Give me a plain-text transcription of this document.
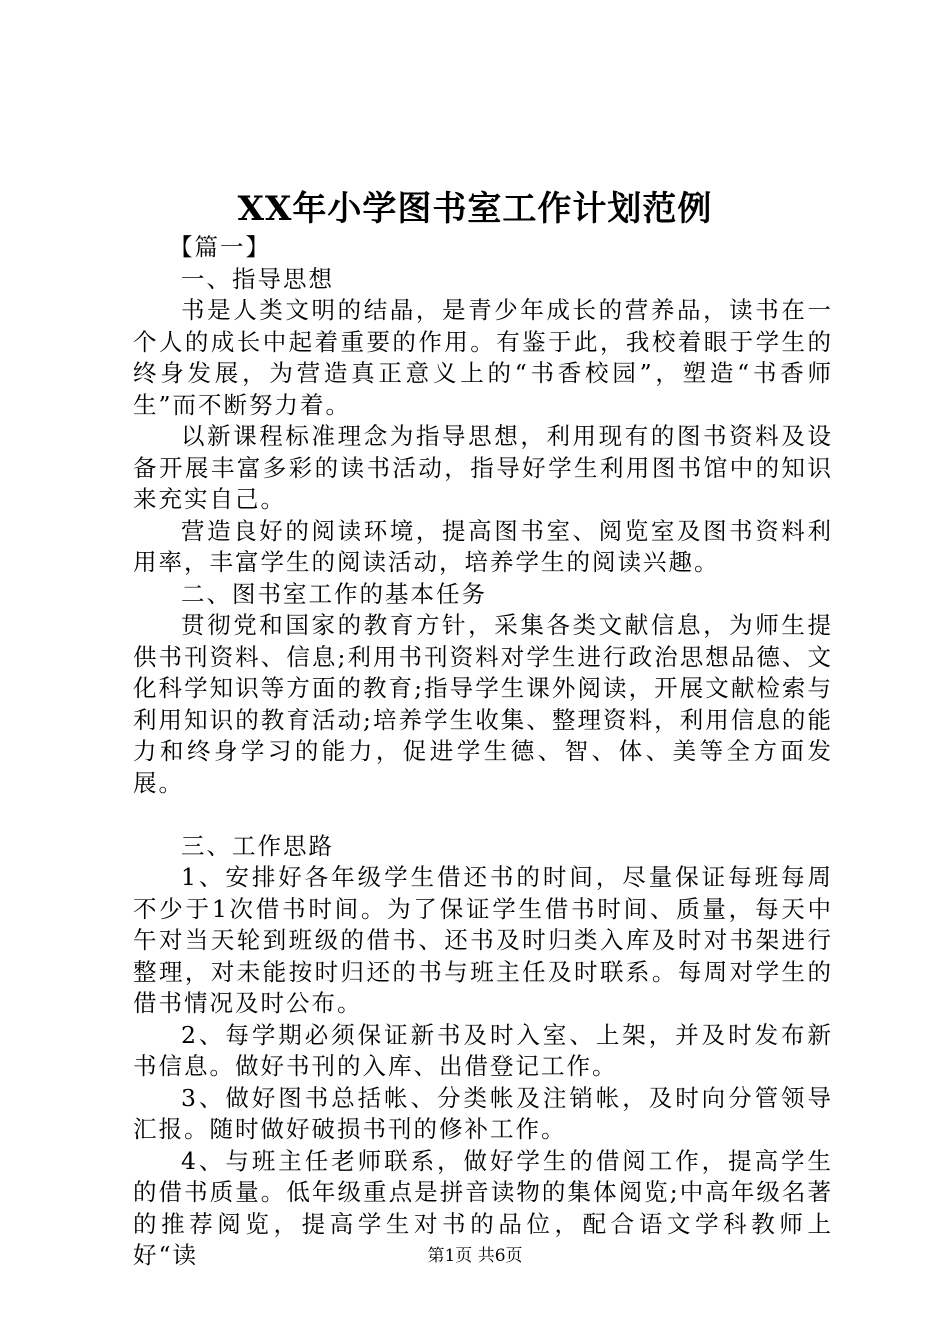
XX年小学图书室工作计划范例

【篇一】

一、指导思想

书是人类文明的结晶，是青少年成长的营养品，读书在一个人的成长中起着重要的作用。有鉴于此，我校着眼于学生的终身发展，为营造真正意义上的“书香校园”，塑造“书香师生”而不断努力着。

以新课程标准理念为指导思想，利用现有的图书资料及设备开展丰富多彩的读书活动，指导好学生利用图书馆中的知识来充实自己。

营造良好的阅读环境，提高图书室、阅览室及图书资料利用率，丰富学生的阅读活动，培养学生的阅读兴趣。

二、图书室工作的基本任务

贯彻党和国家的教育方针，采集各类文献信息，为师生提供书刊资料、信息;利用书刊资料对学生进行政治思想品德、文化科学知识等方面的教育;指导学生课外阅读，开展文献检索与利用知识的教育活动;培养学生收集、整理资料，利用信息的能力和终身学习的能力，促进学生德、智、体、美等全方面发展。

三、工作思路

1、安排好各年级学生借还书的时间，尽量保证每班每周不少于1次借书时间。为了保证学生借书时间、质量，每天中午对当天轮到班级的借书、还书及时归类入库及时对书架进行整理，对未能按时归还的书与班主任及时联系。每周对学生的借书情况及时公布。

2、每学期必须保证新书及时入室、上架，并及时发布新书信息。做好书刊的入库、出借登记工作。

3、做好图书总括帐、分类帐及注销帐，及时向分管领导汇报。随时做好破损书刊的修补工作。

4、与班主任老师联系，做好学生的借阅工作，提高学生的借书质量。低年级重点是拼音读物的集体阅览;中高年级名著的推荐阅览，提高学生对书的品位，配合语文学科教师上好“读	第1页 共6页
